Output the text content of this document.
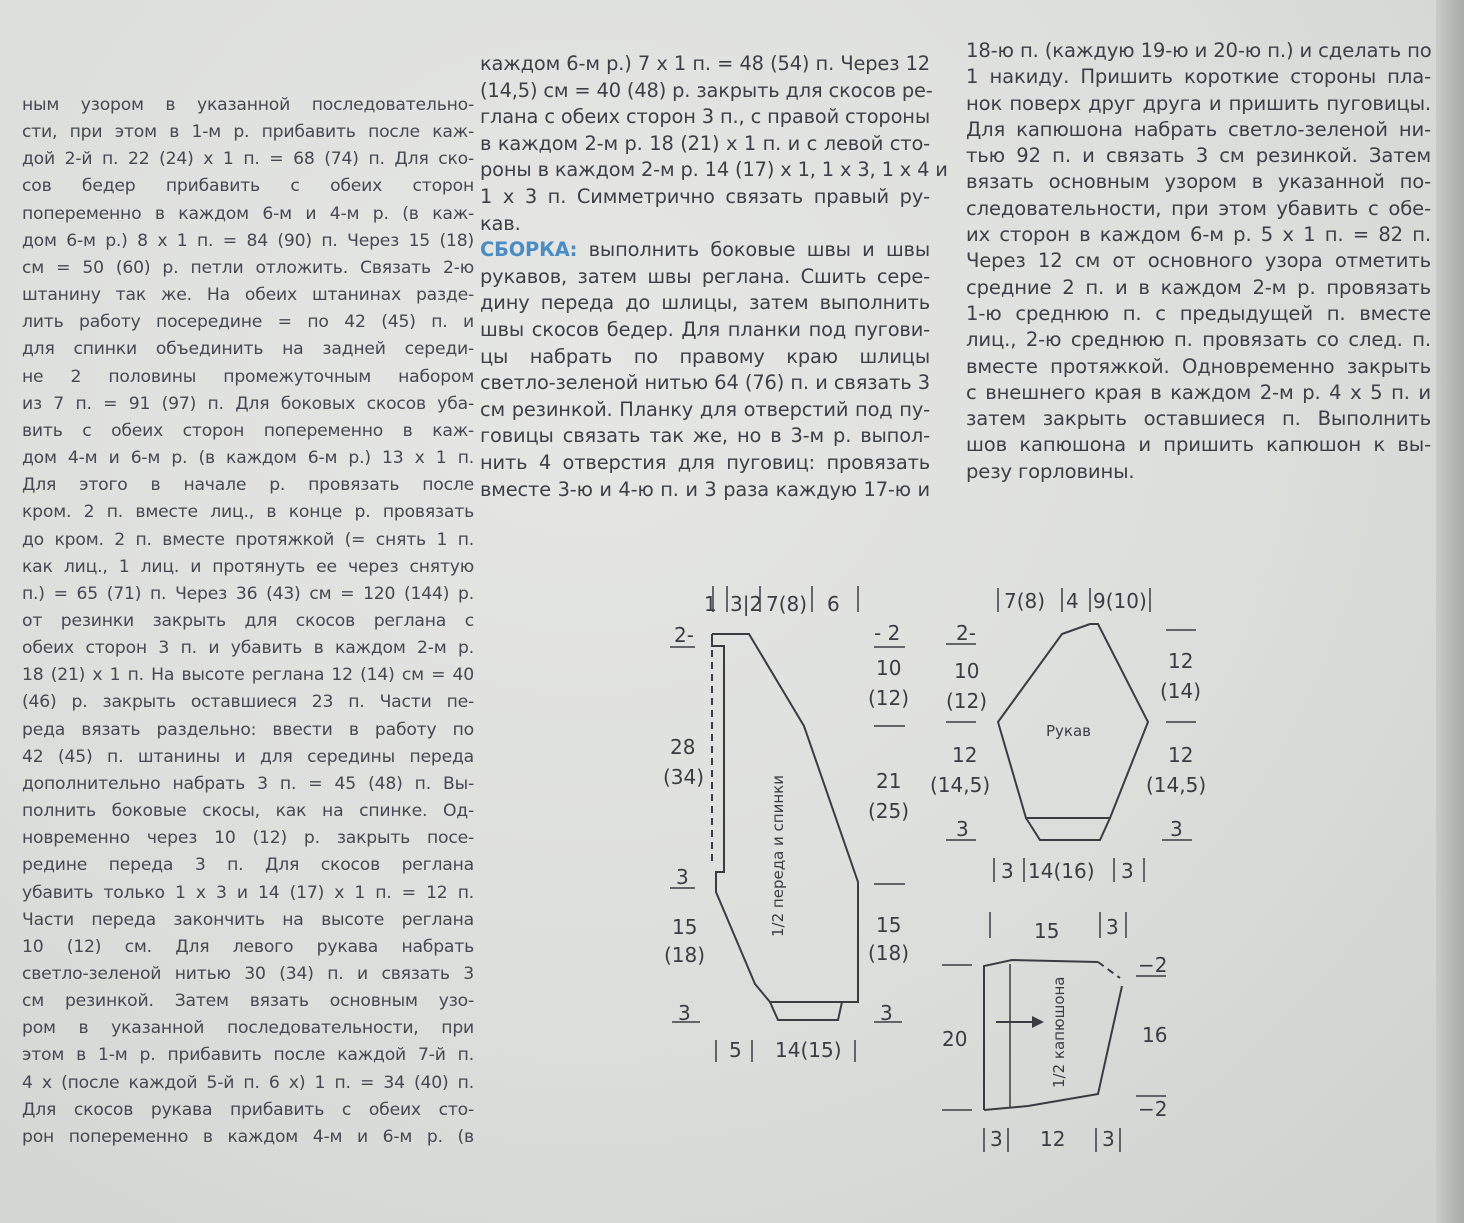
ным узором в указанной последовательно-
сти, при этом в 1-м р. прибавить после каж-
дой 2-й п. 22 (24) х 1 п. = 68 (74) п. Для ско-
сов бедер прибавить с обеих сторон
попеременно в каждом 6-м и 4-м р. (в каж-
дом 6-м р.) 8 х 1 п. = 84 (90) п. Через 15 (18)
см = 50 (60) р. петли отложить. Связать 2-ю
штанину так же. На обеих штанинах разде-
лить работу посередине = по 42 (45) п. и
для спинки объединить на задней середи-
не 2 половины промежуточным набором
из 7 п. = 91 (97) п. Для боковых скосов уба-
вить с обеих сторон попеременно в каж-
дом 4-м и 6-м р. (в каждом 6-м р.) 13 х 1 п.
Для этого в начале р. провязать после
кром. 2 п. вместе лиц., в конце р. провязать
до кром. 2 п. вместе протяжкой (= снять 1 п.
как лиц., 1 лиц. и протянуть ее через снятую
п.) = 65 (71) п. Через 36 (43) см = 120 (144) р.
от резинки закрыть для скосов реглана с
обеих сторон 3 п. и убавить в каждом 2-м р.
18 (21) х 1 п. На высоте реглана 12 (14) см = 40
(46) р. закрыть оставшиеся 23 п. Части пе-
реда вязать раздельно: ввести в работу по
42 (45) п. штанины и для середины переда
дополнительно набрать 3 п. = 45 (48) п. Вы-
полнить боковые скосы, как на спинке. Од-
новременно через 10 (12) р. закрыть посе-
редине переда 3 п. Для скосов реглана
убавить только 1 х 3 и 14 (17) х 1 п. = 12 п.
Части переда закончить на высоте реглана
10 (12) см. Для левого рукава набрать
светло-зеленой нитью 30 (34) п. и связать 3
см резинкой. Затем вязать основным узо-
ром в указанной последовательности, при
этом в 1-м р. прибавить после каждой 7-й п.
4 х (после каждой 5-й п. 6 х) 1 п. = 34 (40) п.
Для скосов рукава прибавить с обеих сто-
рон попеременно в каждом 4-м и 6-м р. (в
каждом 6-м р.) 7 х 1 п. = 48 (54) п. Через 12
(14,5) см = 40 (48) р. закрыть для скосов ре-
глана с обеих сторон 3 п., с правой стороны
в каждом 2-м р. 18 (21) х 1 п. и с левой сто-
роны в каждом 2-м р. 14 (17) х 1, 1 х 3, 1 х 4 и
1 х 3 п. Симметрично связать правый ру-
кав.
СБОРКА: выполнить боковые швы и швы
рукавов, затем швы реглана. Сшить сере-
дину переда до шлицы, затем выполнить
швы скосов бедер. Для планки под пугови-
цы набрать по правому краю шлицы
светло-зеленой нитью 64 (76) п. и связать 3
см резинкой. Планку для отверстий под пу-
говицы связать так же, но в 3-м р. выпол-
нить 4 отверстия для пуговиц: провязать
вместе 3-ю и 4-ю п. и 3 раза каждую 17-ю и
18-ю п. (каждую 19-ю и 20-ю п.) и сделать по
1 накиду. Пришить короткие стороны пла-
нок поверх друг друга и пришить пуговицы.
Для капюшона набрать светло-зеленой ни-
тью 92 п. и связать 3 см резинкой. Затем
вязать основным узором в указанной по-
следовательности, при этом убавить с обе-
их сторон в каждом 6-м р. 5 х 1 п. = 82 п.
Через 12 см от основного узора отметить
средние 2 п. и в каждом 2-м р. провязать
1-ю среднюю п. с предыдущей п. вместе
лиц., 2-ю среднюю п. провязать со след. п.
вместе протяжкой. Одновременно закрыть
с внешнего края в каждом 2-м р. 4 х 5 п. и
затем закрыть оставшиеся п. Выполнить
шов капюшона и пришить капюшон к вы-
резу горловины.
1 3|2 7(8) 6
2-
28
(34)
3
15
(18)
3
- 2
10
(12)
21
(25)
15
(18)
3
5 14(15)
1/2 переда и спинки
7(8) 4 9(10)
2-
10
(12)
12
(14,5)
3
12
(14)
12
(14,5)
3
3 14(16) 3
Рукав
15 3
20
−2
16
−2
3 12 3
1/2 капюшона
